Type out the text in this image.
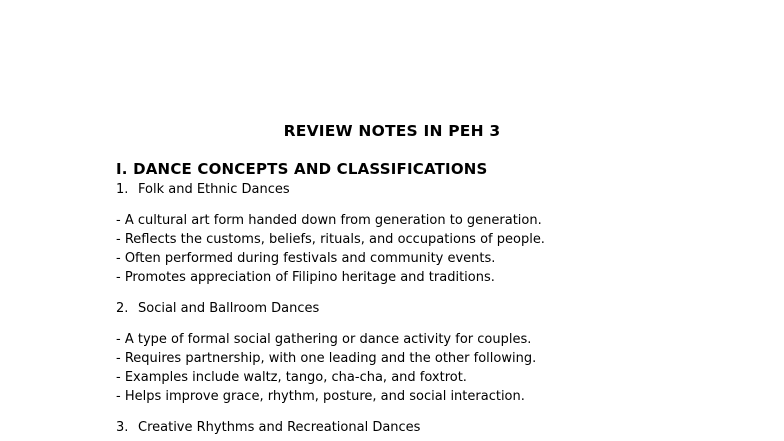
REVIEW NOTES IN PEH 3
I. DANCE CONCEPTS AND CLASSIFICATIONS
1. Folk and Ethnic Dances
- A cultural art form handed down from generation to generation.
- Reflects the customs, beliefs, rituals, and occupations of people.
- Often performed during festivals and community events.
- Promotes appreciation of Filipino heritage and traditions.
2. Social and Ballroom Dances
- A type of formal social gathering or dance activity for couples.
- Requires partnership, with one leading and the other following.
- Examples include waltz, tango, cha-cha, and foxtrot.
- Helps improve grace, rhythm, posture, and social interaction.
3. Creative Rhythms and Recreational Dances
